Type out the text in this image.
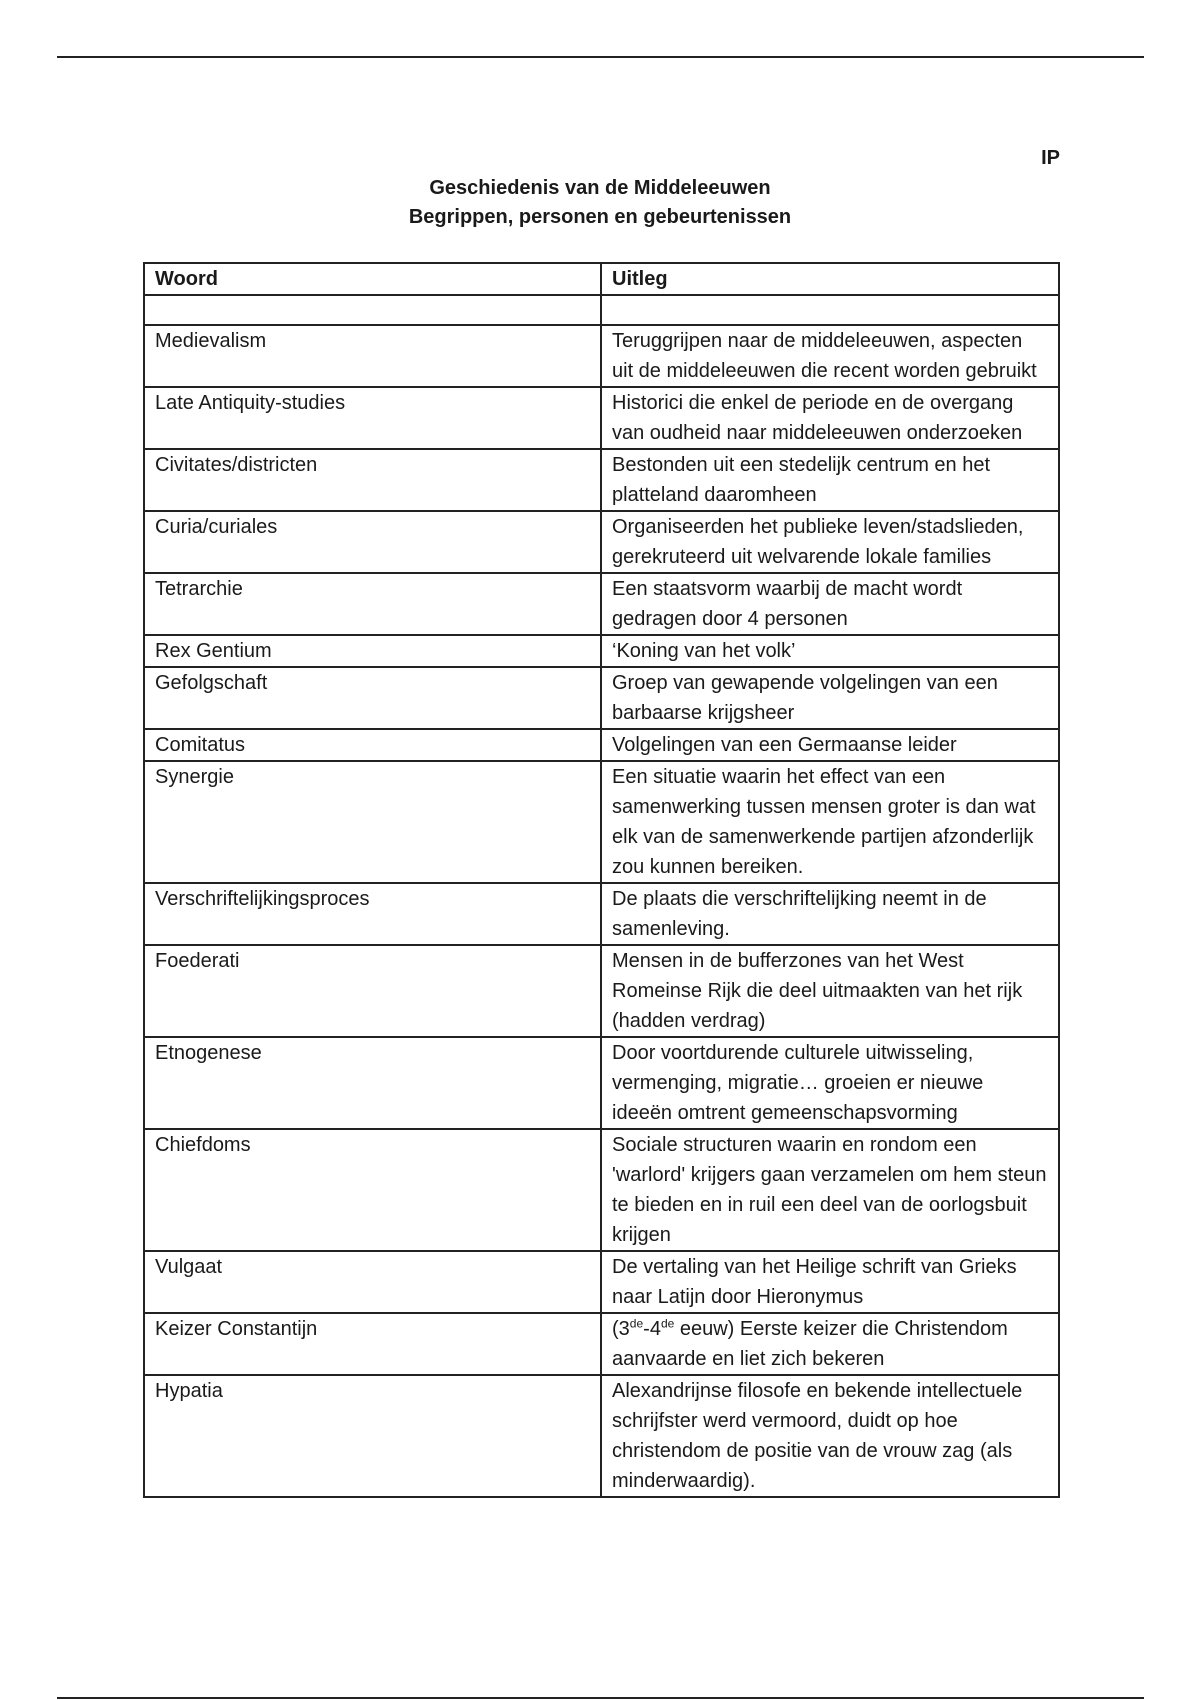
IP
Geschiedenis van de Middeleeuwen
Begrippen, personen en gebeurtenissen
Woord	Uitleg

Medievalism	Teruggrijpen naar de middeleeuwen, aspecten uit de middeleeuwen die recent worden gebruikt
Late Antiquity-studies	Historici die enkel de periode en de overgang van oudheid naar middeleeuwen onderzoeken
Civitates/districten	Bestonden uit een stedelijk centrum en het platteland daaromheen
Curia/curiales	Organiseerden het publieke leven/stadslieden, gerekruteerd uit welvarende lokale families
Tetrarchie	Een staatsvorm waarbij de macht wordt gedragen door 4 personen
Rex Gentium	‘Koning van het volk’
Gefolgschaft	Groep van gewapende volgelingen van een barbaarse krijgsheer
Comitatus	Volgelingen van een Germaanse leider
Synergie	Een situatie waarin het effect van een samenwerking tussen mensen groter is dan wat elk van de samenwerkende partijen afzonderlijk zou kunnen bereiken.
Verschriftelijkingsproces	De plaats die verschriftelijking neemt in de samenleving.
Foederati	Mensen in de bufferzones van het West Romeinse Rijk die deel uitmaakten van het rijk (hadden verdrag)
Etnogenese	Door voortdurende culturele uitwisseling, vermenging, migratie… groeien er nieuwe ideeën omtrent gemeenschapsvorming
Chiefdoms	Sociale structuren waarin en rondom een 'warlord' krijgers gaan verzamelen om hem steun te bieden en in ruil een deel van de oorlogsbuit krijgen
Vulgaat	De vertaling van het Heilige schrift van Grieks naar Latijn door Hieronymus
Keizer Constantijn	(3de-4de eeuw) Eerste keizer die Christendom aanvaarde en liet zich bekeren
Hypatia	Alexandrijnse filosofe en bekende intellectuele schrijfster werd vermoord, duidt op hoe christendom de positie van de vrouw zag (als minderwaardig).
